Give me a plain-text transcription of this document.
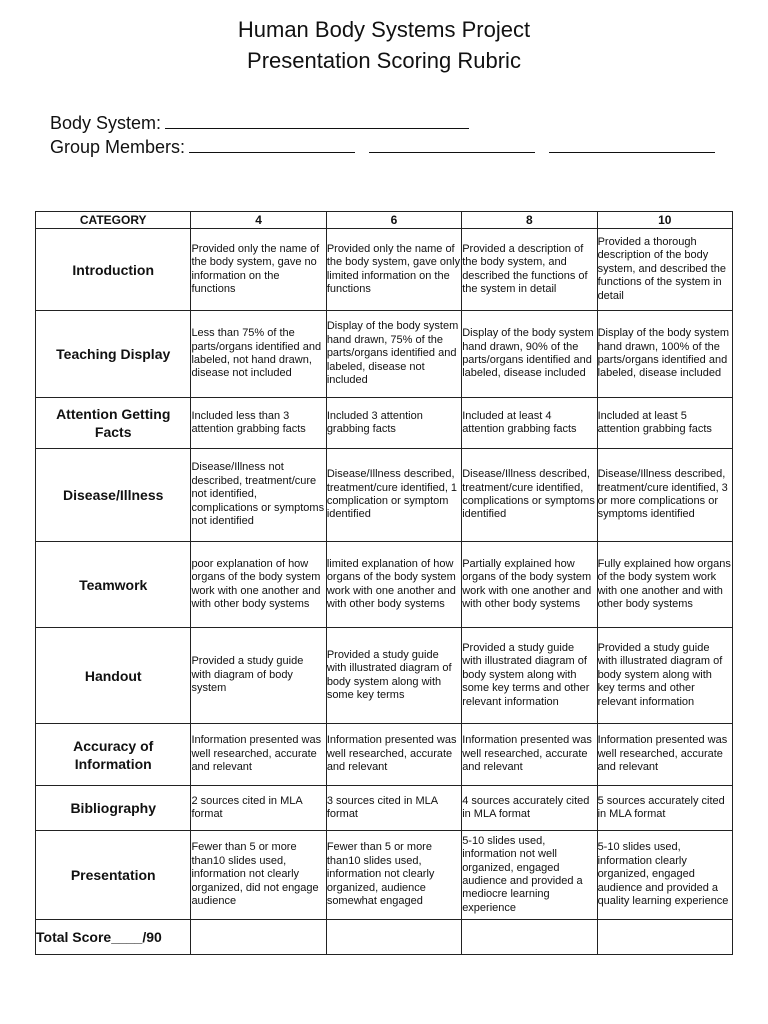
Human Body Systems Project
Presentation Scoring Rubric
Body System:
Group Members:
CATEGORY	4	6	8	10
Introduction	Provided only the name of the body system, gave no information on the functions	Provided only the name of the body system, gave only limited information on the functions	Provided a description of the body system, and described the functions of the system in detail	Provided a thorough description of the body system, and described the functions of the system in detail
Teaching Display	Less than 75% of the parts/organs identified and labeled, not hand drawn, disease not included	Display of the body system hand drawn, 75% of the parts/organs identified and labeled, disease not included	Display of the body system hand drawn, 90% of the parts/organs identified and labeled, disease included	Display of the body system hand drawn, 100% of the parts/organs identified and labeled, disease included
Attention Getting Facts	Included less than 3 attention grabbing facts	Included 3 attention grabbing facts	Included at least 4 attention grabbing facts	Included at least 5 attention grabbing facts
Disease/Illness	Disease/Illness not described, treatment/cure not identified, complications or symptoms not identified	Disease/Illness described, treatment/cure identified, 1 complication or symptom identified	Disease/Illness described, treatment/cure identified, complications or symptoms identified	Disease/Illness described, treatment/cure identified, 3 or more complications or symptoms identified
Teamwork	poor explanation of how organs of the body system work with one another and with other body systems	limited explanation of how organs of the body system work with one another and with other body systems	Partially explained how organs of the body system work with one another and with other body systems	Fully explained how organs of the body system work with one another and with other body systems
Handout	Provided a study guide with diagram of body system	Provided a study guide with illustrated diagram of body system along with some key terms	Provided a study guide with illustrated diagram of body system along with some key terms and other relevant information	Provided a study guide with illustrated diagram of body system along with key terms and other relevant information
Accuracy of Information	Information presented was well researched, accurate and relevant	Information presented was well researched, accurate and relevant	Information presented was well researched, accurate and relevant	Information presented was well researched, accurate and relevant
Bibliography	2 sources cited in MLA format	3 sources cited in MLA format	4 sources accurately cited in MLA format	5 sources accurately cited in MLA format
Presentation	Fewer than 5 or more than10 slides used, information not clearly organized, did not engage audience	Fewer than 5 or more than10 slides used, information not clearly organized, audience somewhat engaged	5-10 slides used, information not well organized, engaged audience and provided a mediocre learning experience	5-10 slides used, information clearly organized, engaged audience and provided a quality learning experience
Total Score____/90				
